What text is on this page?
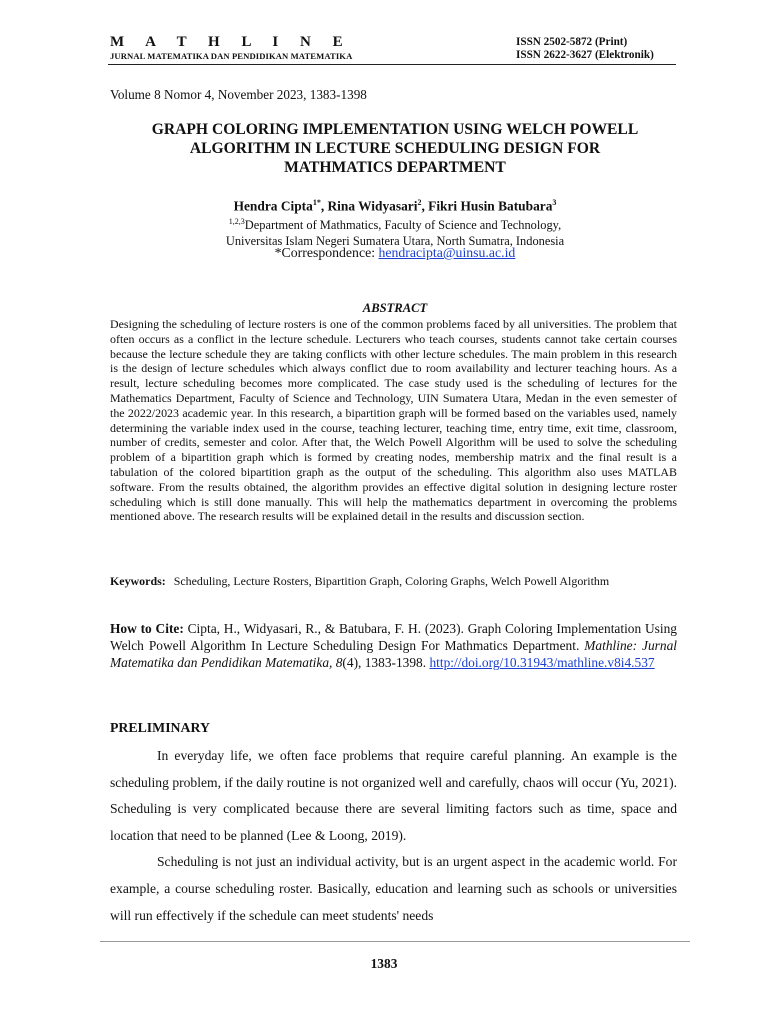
M A T H L I N E
JURNAL MATEMATIKA DAN PENDIDIKAN MATEMATIKA
ISSN 2502-5872 (Print)
ISSN 2622-3627 (Elektronik)
Volume 8 Nomor 4, November 2023, 1383-1398
GRAPH COLORING IMPLEMENTATION USING WELCH POWELL
ALGORITHM IN LECTURE SCHEDULING DESIGN FOR
MATHMATICS DEPARTMENT
Hendra Cipta$^{1*}$, Rina Widyasari$^2$, Fikri Husin Batubara$^3$
$^{1,2,3}$Department of Mathmatics, Faculty of Science and Technology,
Universitas Islam Negeri Sumatera Utara, North Sumatra, Indonesia
*Correspondence: hendracipta@uinsu.ac.id
ABSTRACT
Designing the scheduling of lecture rosters is one of the common problems faced by all universities. The problem that often occurs as a conflict in the lecture schedule. Lecturers who teach courses, students cannot take certain courses because the lecture schedule they are taking conflicts with other lecture schedules. The main problem in this research is the design of lecture schedules which always conflict due to room availability and lecturer teaching hours. As a result, lecture scheduling becomes more complicated. The case study used is the scheduling of lectures for the Mathematics Department, Faculty of Science and Technology, UIN Sumatera Utara, Medan in the even semester of the 2022/2023 academic year. In this research, a bipartition graph will be formed based on the variables used, namely determining the variable index used in the course, teaching lecturer, teaching time, entry time, exit time, classroom, number of credits, semester and color. After that, the Welch Powell Algorithm will be used to solve the scheduling problem of a bipartition graph which is formed by creating nodes, membership matrix and the final result is a tabulation of the colored bipartition graph as the output of the scheduling. This algorithm also uses MATLAB software. From the results obtained, the algorithm provides an effective digital solution in designing lecture roster scheduling which is still done manually. This will help the mathematics department in overcoming the problems mentioned above. The research results will be explained detail in the results and discussion section.
Keywords: Scheduling, Lecture Rosters, Bipartition Graph, Coloring Graphs, Welch Powell Algorithm
How to Cite: Cipta, H., Widyasari, R., & Batubara, F. H. (2023). Graph Coloring Implementation Using Welch Powell Algorithm In Lecture Scheduling Design For Mathmatics Department. Mathline: Jurnal Matematika dan Pendidikan Matematika, 8(4), 1383-1398. http://doi.org/10.31943/mathline.v8i4.537
PRELIMINARY

In everyday life, we often face problems that require careful planning. An example is the scheduling problem, if the daily routine is not organized well and carefully, chaos will occur (Yu, 2021). Scheduling is very complicated because there are several limiting factors such as time, space and location that need to be planned (Lee & Loong, 2019).

Scheduling is not just an individual activity, but is an urgent aspect in the academic world. For example, a course scheduling roster. Basically, education and learning such as schools or universities will run effectively if the schedule can meet students' needs

1383
